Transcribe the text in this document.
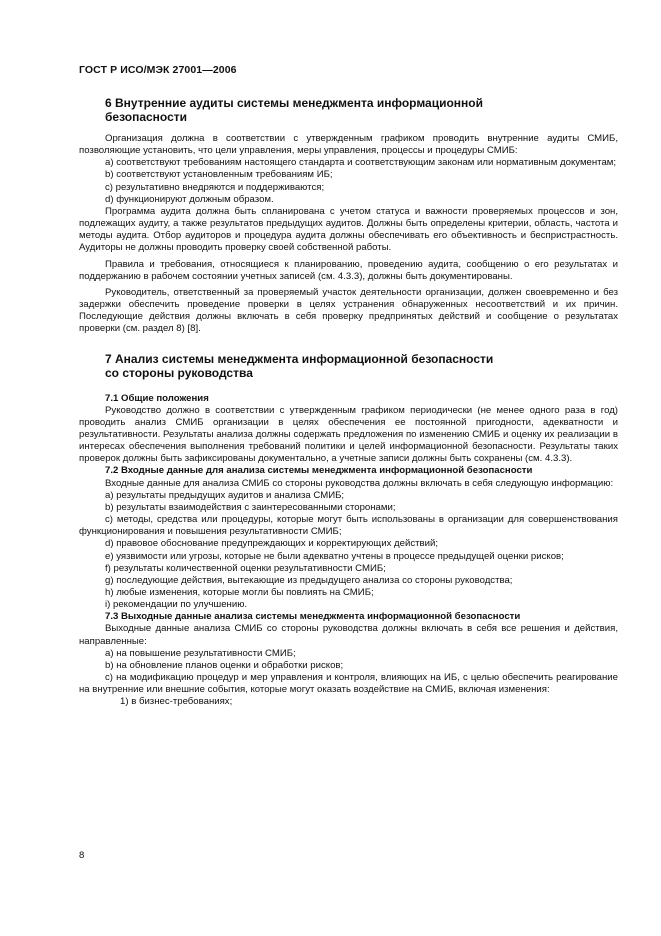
ГОСТ Р ИСО/МЭК 27001—2006
6 Внутренние аудиты системы менеджмента информационной
безопасности

Организация должна в соответствии с утвержденным графиком проводить внутренние аудиты СМИБ, позволяющие установить, что цели управления, меры управления, процессы и процедуры СМИБ:

a) соответствуют требованиям настоящего стандарта и соответствующим законам или нормативным документам;

b) соответствуют установленным требованиям ИБ;

c) результативно внедряются и поддерживаются;

d) функционируют должным образом.

Программа аудита должна быть спланирована с учетом статуса и важности проверяемых процессов и зон, подлежащих аудиту, а также результатов предыдущих аудитов. Должны быть определены критерии, область, частота и методы аудита. Отбор аудиторов и процедура аудита должны обеспечивать его объективность и беспристрастность. Аудиторы не должны проводить проверку своей собственной работы.

Правила и требования, относящиеся к планированию, проведению аудита, сообщению о его результатах и поддержанию в рабочем состоянии учетных записей (см. 4.3.3), должны быть документированы.

Руководитель, ответственный за проверяемый участок деятельности организации, должен своевременно и без задержки обеспечить проведение проверки в целях устранения обнаруженных несоответствий и их причин. Последующие действия должны включать в себя проверку предпринятых действий и сообщение о результатах проверки (см. раздел 8) [8].

7 Анализ системы менеджмента информационной безопасности
со стороны руководства

7.1 Общие положения

Руководство должно в соответствии с утвержденным графиком периодически (не менее одного раза в год) проводить анализ СМИБ организации в целях обеспечения ее постоянной пригодности, адекватности и результативности. Результаты анализа должны содержать предложения по изменению СМИБ и оценку их реализации в интересах обеспечения выполнения требований политики и целей информационной безопасности. Результаты таких проверок должны быть зафиксированы документально, а учетные записи должны быть сохранены (см. 4.3.3).

7.2 Входные данные для анализа системы менеджмента информационной безопасности

Входные данные для анализа СМИБ со стороны руководства должны включать в себя следующую информацию:

a) результаты предыдущих аудитов и анализа СМИБ;

b) результаты взаимодействия с заинтересованными сторонами;

c) методы, средства или процедуры, которые могут быть использованы в организации для совершенствования функционирования и повышения результативности СМИБ;

d) правовое обоснование предупреждающих и корректирующих действий;

e) уязвимости или угрозы, которые не были адекватно учтены в процессе предыдущей оценки рисков;

f) результаты количественной оценки результативности СМИБ;

g) последующие действия, вытекающие из предыдущего анализа со стороны руководства;

h) любые изменения, которые могли бы повлиять на СМИБ;

i) рекомендации по улучшению.

7.3 Выходные данные анализа системы менеджмента информационной безопасности

Выходные данные анализа СМИБ со стороны руководства должны включать в себя все решения и действия, направленные:

a) на повышение результативности СМИБ;

b) на обновление планов оценки и обработки рисков;

c) на модификацию процедур и мер управления и контроля, влияющих на ИБ, с целью обеспечить реагирование на внутренние или внешние события, которые могут оказать воздействие на СМИБ, включая изменения:

1) в бизнес-требованиях;

8
